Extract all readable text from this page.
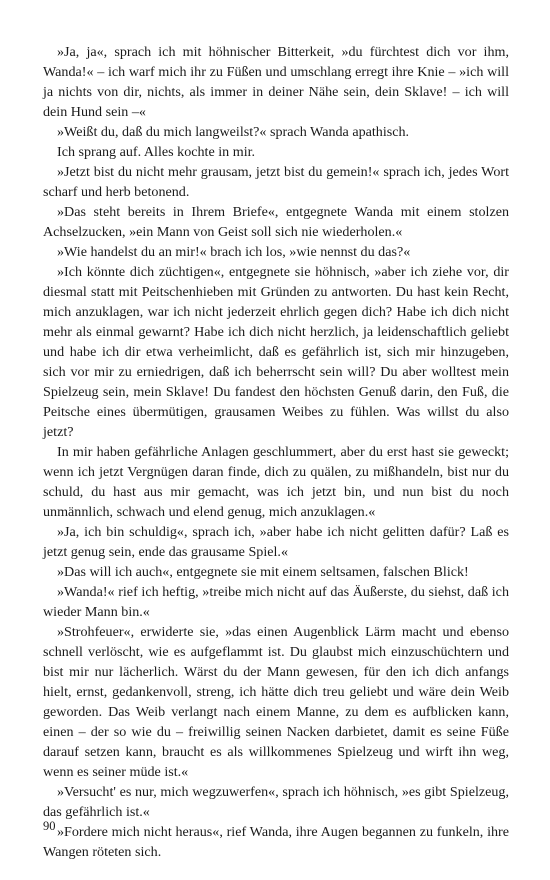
»Ja, ja«, sprach ich mit höhnischer Bitterkeit, »du fürchtest dich vor ihm, Wanda!« – ich warf mich ihr zu Füßen und umschlang erregt ihre Knie – »ich will ja nichts von dir, nichts, als immer in deiner Nähe sein, dein Sklave! – ich will dein Hund sein –«

»Weißt du, daß du mich langweilst?« sprach Wanda apathisch.

Ich sprang auf. Alles kochte in mir.

»Jetzt bist du nicht mehr grausam, jetzt bist du gemein!« sprach ich, jedes Wort scharf und herb betonend.

»Das steht bereits in Ihrem Briefe«, entgegnete Wanda mit einem stolzen Achselzucken, »ein Mann von Geist soll sich nie wiederholen.«

»Wie handelst du an mir!« brach ich los, »wie nennst du das?«

»Ich könnte dich züchtigen«, entgegnete sie höhnisch, »aber ich ziehe vor, dir diesmal statt mit Peitschenhieben mit Gründen zu antworten. Du hast kein Recht, mich anzuklagen, war ich nicht jederzeit ehrlich gegen dich? Habe ich dich nicht mehr als einmal gewarnt? Habe ich dich nicht herzlich, ja leidenschaftlich geliebt und habe ich dir etwa verheimlicht, daß es gefährlich ist, sich mir hinzugeben, sich vor mir zu erniedrigen, daß ich beherrscht sein will? Du aber wolltest mein Spielzeug sein, mein Sklave! Du fandest den höchsten Genuß darin, den Fuß, die Peitsche eines übermütigen, grausamen Weibes zu fühlen. Was willst du also jetzt?

In mir haben gefährliche Anlagen geschlummert, aber du erst hast sie geweckt; wenn ich jetzt Vergnügen daran finde, dich zu quälen, zu mißhandeln, bist nur du schuld, du hast aus mir gemacht, was ich jetzt bin, und nun bist du noch unmännlich, schwach und elend genug, mich anzuklagen.«

»Ja, ich bin schuldig«, sprach ich, »aber habe ich nicht gelitten dafür? Laß es jetzt genug sein, ende das grausame Spiel.«

»Das will ich auch«, entgegnete sie mit einem seltsamen, falschen Blick!

»Wanda!« rief ich heftig, »treibe mich nicht auf das Äußerste, du siehst, daß ich wieder Mann bin.«

»Strohfeuer«, erwiderte sie, »das einen Augenblick Lärm macht und ebenso schnell verlöscht, wie es aufgeflammt ist. Du glaubst mich einzuschüchtern und bist mir nur lächerlich. Wärst du der Mann gewesen, für den ich dich anfangs hielt, ernst, gedankenvoll, streng, ich hätte dich treu geliebt und wäre dein Weib geworden. Das Weib verlangt nach einem Manne, zu dem es aufblicken kann, einen – der so wie du – freiwillig seinen Nacken darbietet, damit es seine Füße darauf setzen kann, braucht es als willkommenes Spielzeug und wirft ihn weg, wenn es seiner müde ist.«

»Versucht' es nur, mich wegzuwerfen«, sprach ich höhnisch, »es gibt Spielzeug, das gefährlich ist.«

»Fordere mich nicht heraus«, rief Wanda, ihre Augen begannen zu funkeln, ihre Wangen röteten sich.

90
